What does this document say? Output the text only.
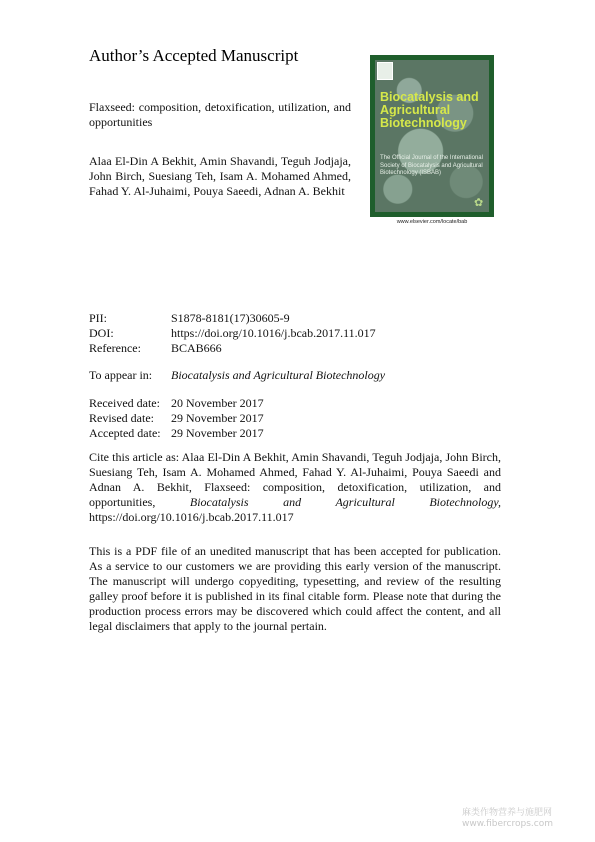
Author’s Accepted Manuscript
Flaxseed: composition, detoxification, utilization, and opportunities
Alaa El-Din A Bekhit, Amin Shavandi, Teguh Jodjaja, John Birch, Suesiang Teh, Isam A. Mohamed Ahmed, Fahad Y. Al-Juhaimi, Pouya Saeedi, Adnan A. Bekhit
Biocatalysis and Agricultural Biotechnology
The Official Journal of the International Society of Biocatalysis and Agricultural Biotechnology (ISBAB)
✿
www.elsevier.com/locate/bab
PII:	S1878-8181(17)30605-9
DOI:	https://doi.org/10.1016/j.bcab.2017.11.017
Reference:	BCAB666
To appear in: Biocatalysis and Agricultural Biotechnology
Received date: 20 November 2017
Revised date: 29 November 2017
Accepted date: 29 November 2017
Cite this article as: Alaa El-Din A Bekhit, Amin Shavandi, Teguh Jodjaja, John Birch, Suesiang Teh, Isam A. Mohamed Ahmed, Fahad Y. Al-Juhaimi, Pouya Saeedi and Adnan A. Bekhit, Flaxseed: composition, detoxification, utilization, and opportunities,	Biocatalysis and Agricultural Biotechnology, https://doi.org/10.1016/j.bcab.2017.11.017
This is a PDF file of an unedited manuscript that has been accepted for publication. As a service to our customers we are providing this early version of the manuscript. The manuscript will undergo copyediting, typesetting, and review of the resulting galley proof before it is published in its final citable form. Please note that during the production process errors may be discovered which could affect the content, and all legal disclaimers that apply to the journal pertain.
麻类作物营养与施肥网
www.fibercrops.com
